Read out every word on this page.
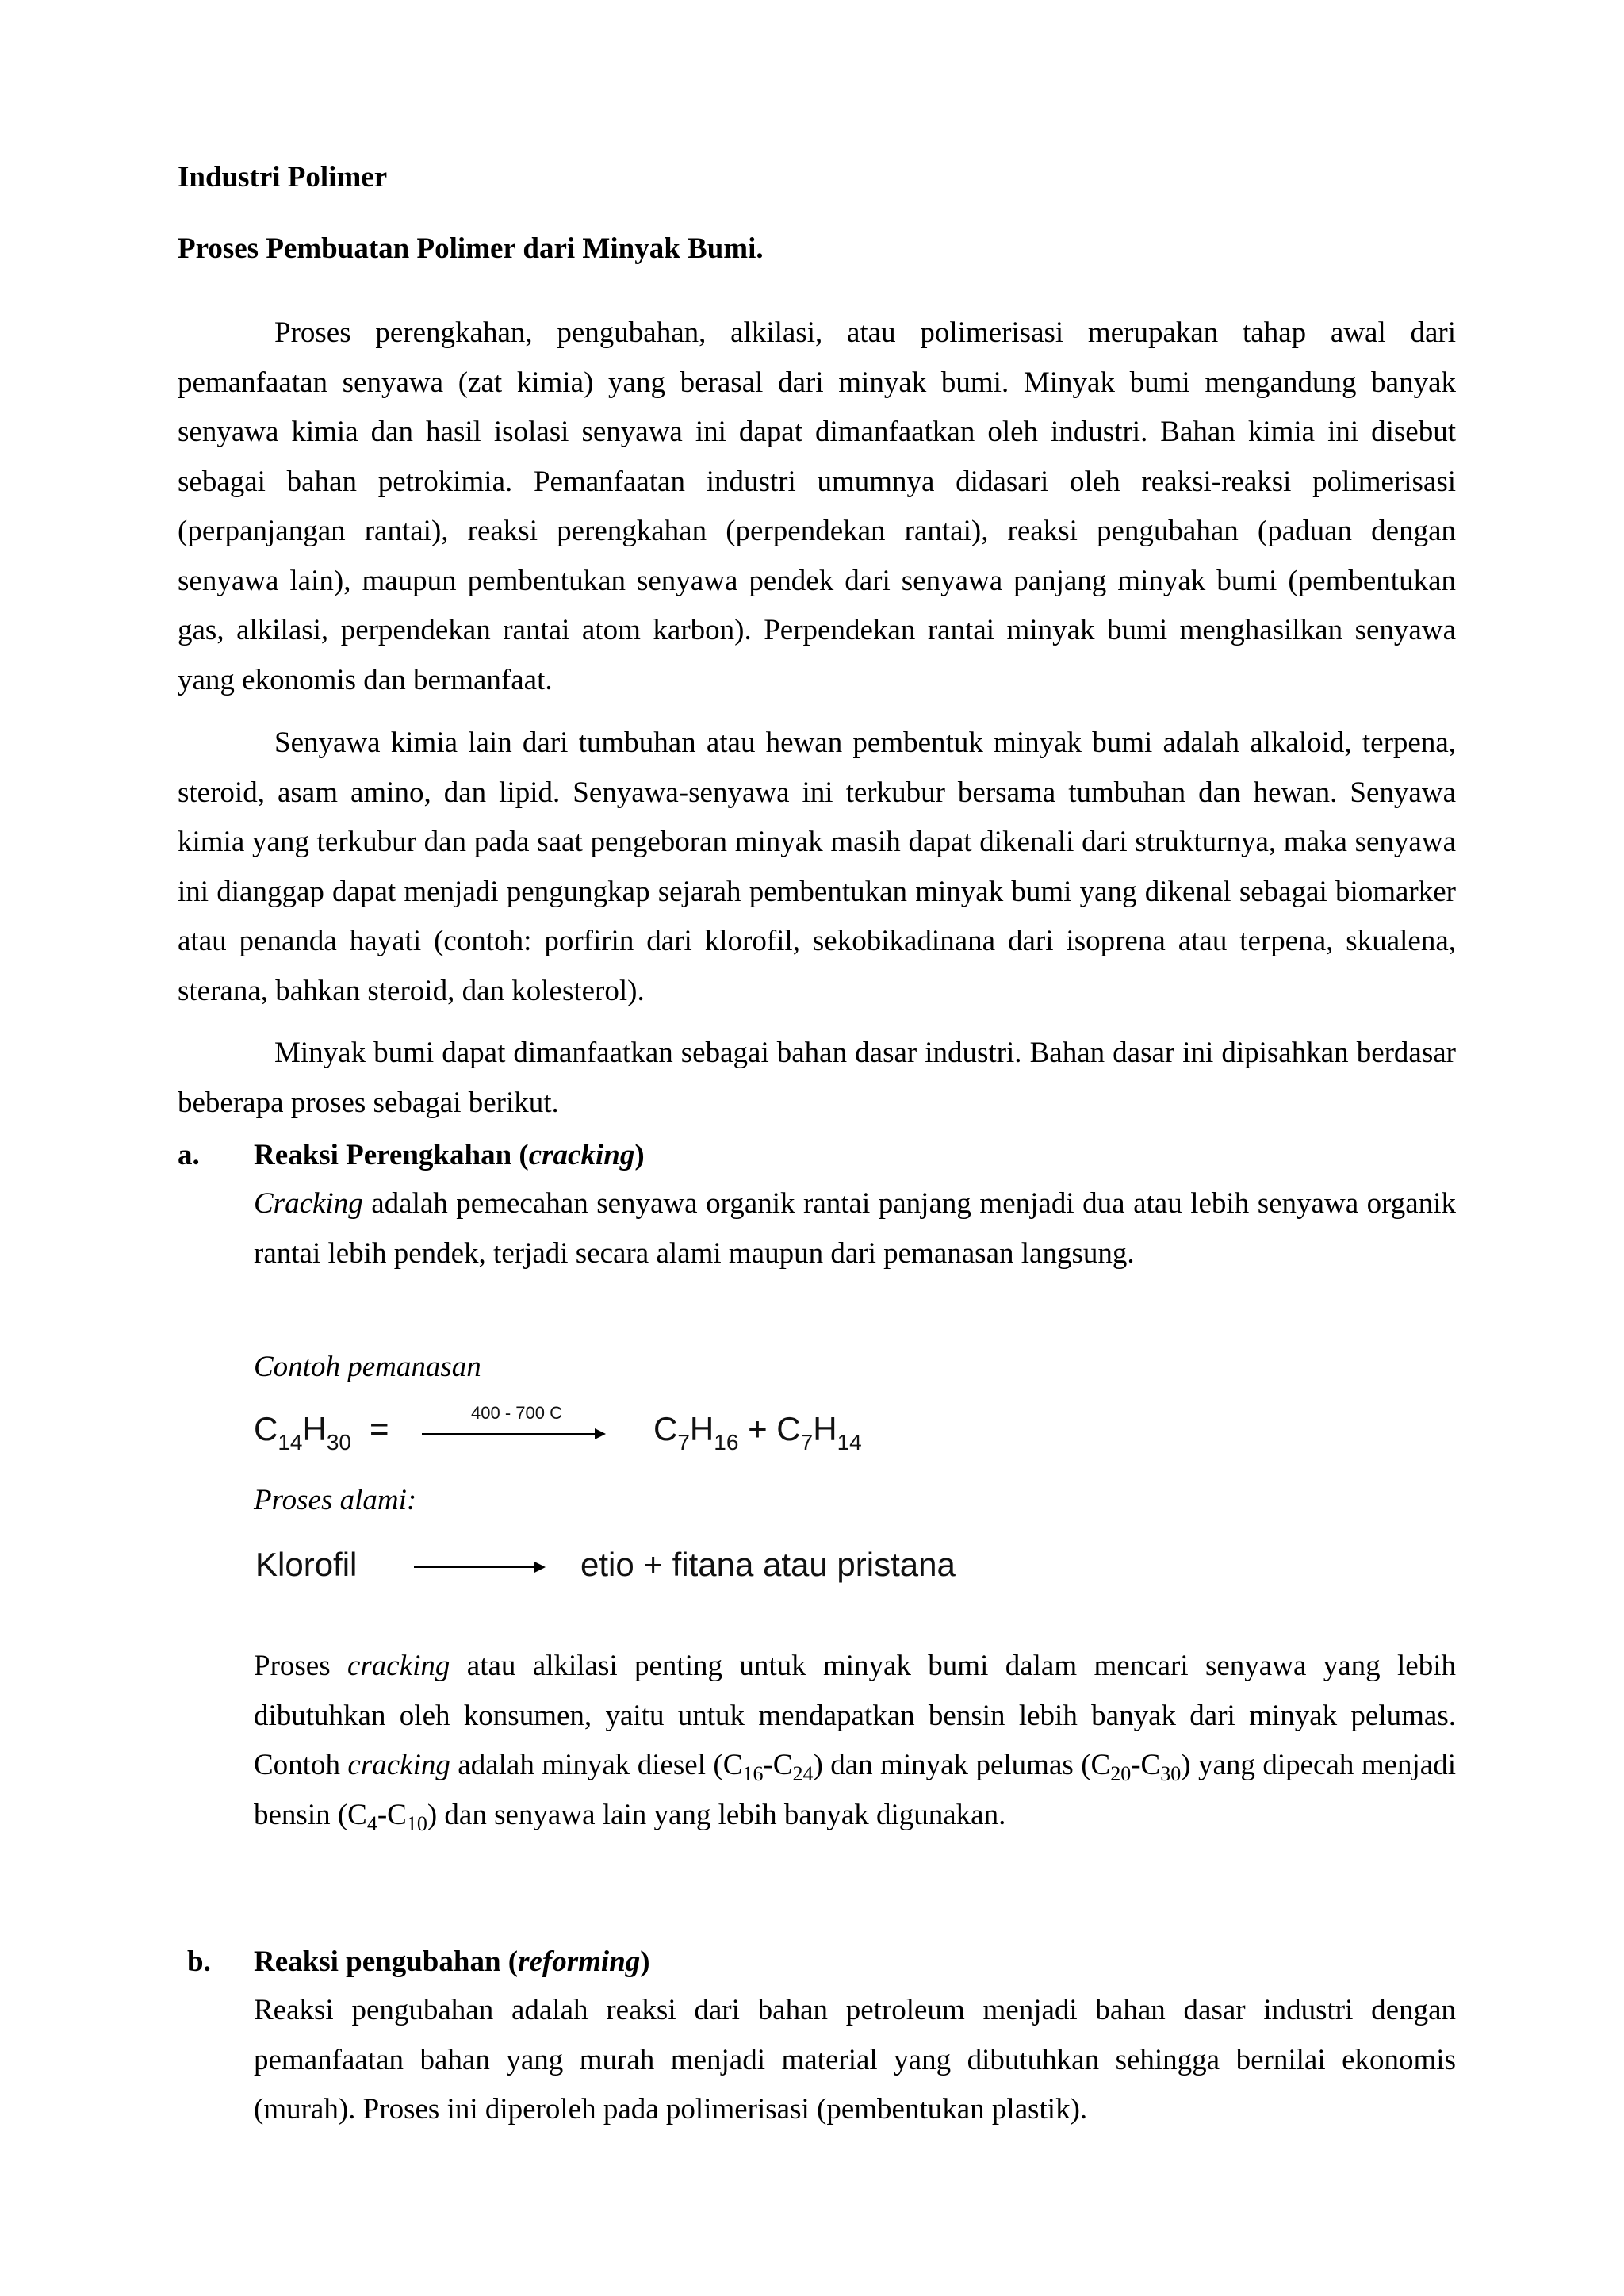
Industri Polimer

Proses Pembuatan Polimer dari Minyak Bumi.

Proses perengkahan, pengubahan, alkilasi, atau polimerisasi merupakan tahap awal dari pemanfaatan senyawa (zat kimia) yang berasal dari minyak bumi. Minyak bumi mengandung banyak senyawa kimia dan hasil isolasi senyawa ini dapat dimanfaatkan oleh industri. Bahan kimia ini disebut sebagai bahan petrokimia. Pemanfaatan industri umumnya didasari oleh reaksi-reaksi polimerisasi (perpanjangan rantai), reaksi perengkahan (perpendekan rantai), reaksi pengubahan (paduan dengan senyawa lain), maupun pembentukan senyawa pendek dari senyawa panjang minyak bumi (pembentukan gas, alkilasi, perpendekan rantai atom karbon). Perpendekan rantai minyak bumi menghasilkan senyawa yang ekonomis dan bermanfaat.

Senyawa kimia lain dari tumbuhan atau hewan pembentuk minyak bumi adalah alkaloid, terpena, steroid, asam amino, dan lipid. Senyawa-senyawa ini terkubur bersama tumbuhan dan hewan. Senyawa kimia yang terkubur dan pada saat pengeboran minyak masih dapat dikenali dari strukturnya, maka senyawa ini dianggap dapat menjadi pengungkap sejarah pembentukan minyak bumi yang dikenal sebagai biomarker atau penanda hayati (contoh: porfirin dari klorofil, sekobikadinana dari isoprena atau terpena, skualena, sterana, bahkan steroid, dan kolesterol).

Minyak bumi dapat dimanfaatkan sebagai bahan dasar industri. Bahan dasar ini dipisahkan berdasar beberapa proses sebagai berikut.

a. Reaksi Perengkahan (cracking)

Cracking adalah pemecahan senyawa organik rantai panjang menjadi dua atau lebih senyawa organik rantai lebih pendek, terjadi secara alami maupun dari pemanasan langsung.

Contoh pemanasan

$C_{14}H_{30}$ =	400 - 700 C	$C_7H_{16} + C_7H_{14}$

Proses alami:

Klorofil	etio + fitana atau pristana

Proses cracking atau alkilasi penting untuk minyak bumi dalam mencari senyawa yang lebih dibutuhkan oleh konsumen, yaitu untuk mendapatkan bensin lebih banyak dari minyak pelumas. Contoh cracking adalah minyak diesel $(C_{16}-C_{24})$ dan minyak pelumas $(C_{20}-C_{30})$ yang dipecah menjadi bensin $(C_4-C_{10})$ dan senyawa lain yang lebih banyak digunakan.

b. Reaksi pengubahan (reforming)

Reaksi pengubahan adalah reaksi dari bahan petroleum menjadi bahan dasar industri dengan pemanfaatan bahan yang murah menjadi material yang dibutuhkan sehingga bernilai ekonomis (murah). Proses ini diperoleh pada polimerisasi (pembentukan plastik).
